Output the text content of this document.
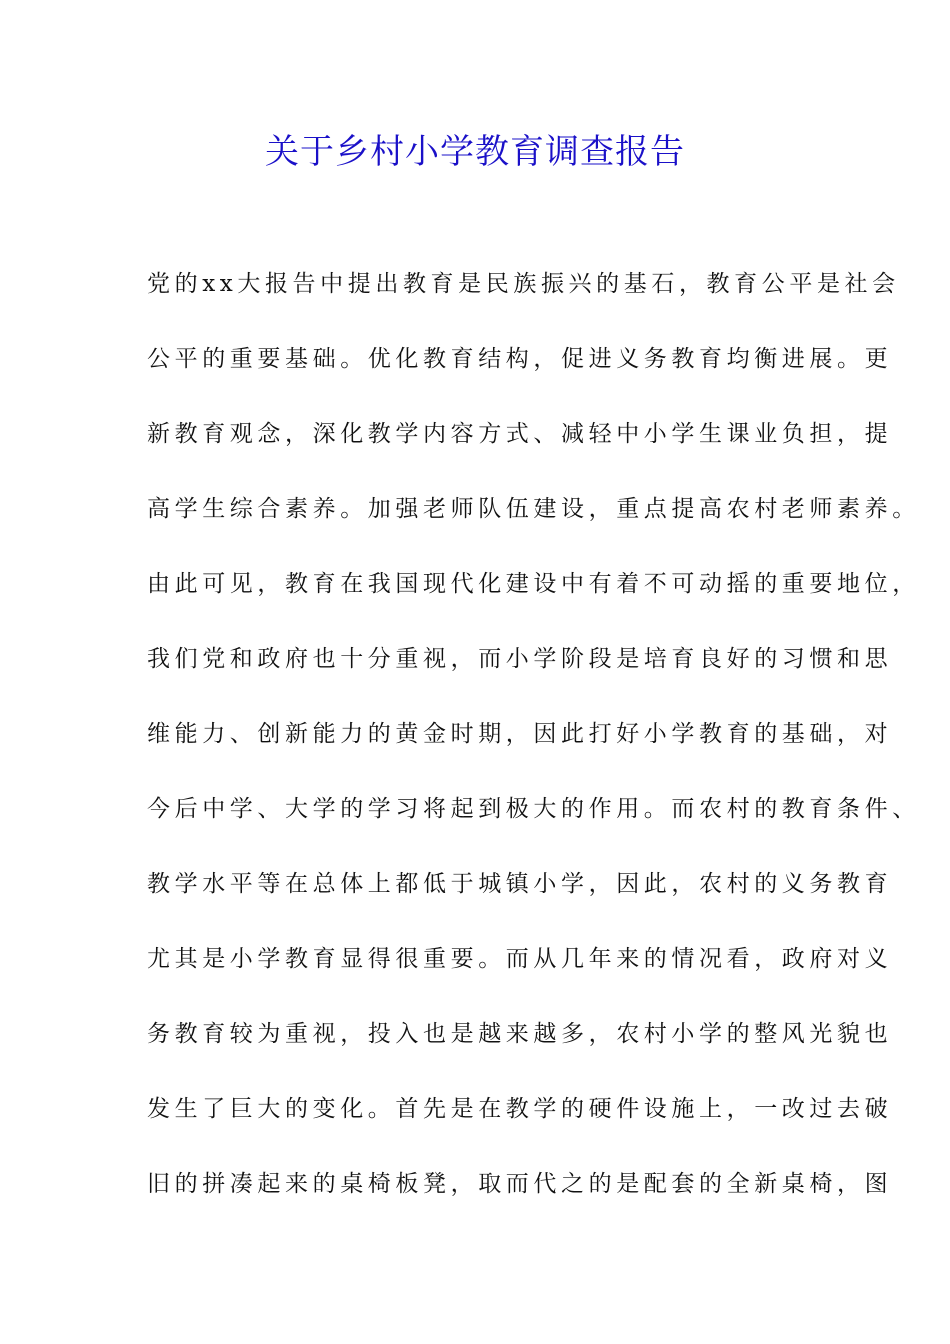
关于乡村小学教育调查报告
党的xx大报告中提出教育是民族振兴的基石，教育公平是社会
公平的重要基础。优化教育结构，促进义务教育均衡进展。更
新教育观念，深化教学内容方式、减轻中小学生课业负担，提
高学生综合素养。加强老师队伍建设，重点提高农村老师素养。
由此可见，教育在我国现代化建设中有着不可动摇的重要地位，
我们党和政府也十分重视，而小学阶段是培育良好的习惯和思
维能力、创新能力的黄金时期，因此打好小学教育的基础，对
今后中学、大学的学习将起到极大的作用。而农村的教育条件、
教学水平等在总体上都低于城镇小学，因此，农村的义务教育
尤其是小学教育显得很重要。而从几年来的情况看，政府对义
务教育较为重视，投入也是越来越多，农村小学的整风光貌也
发生了巨大的变化。首先是在教学的硬件设施上，一改过去破
旧的拼凑起来的桌椅板凳，取而代之的是配套的全新桌椅，图
